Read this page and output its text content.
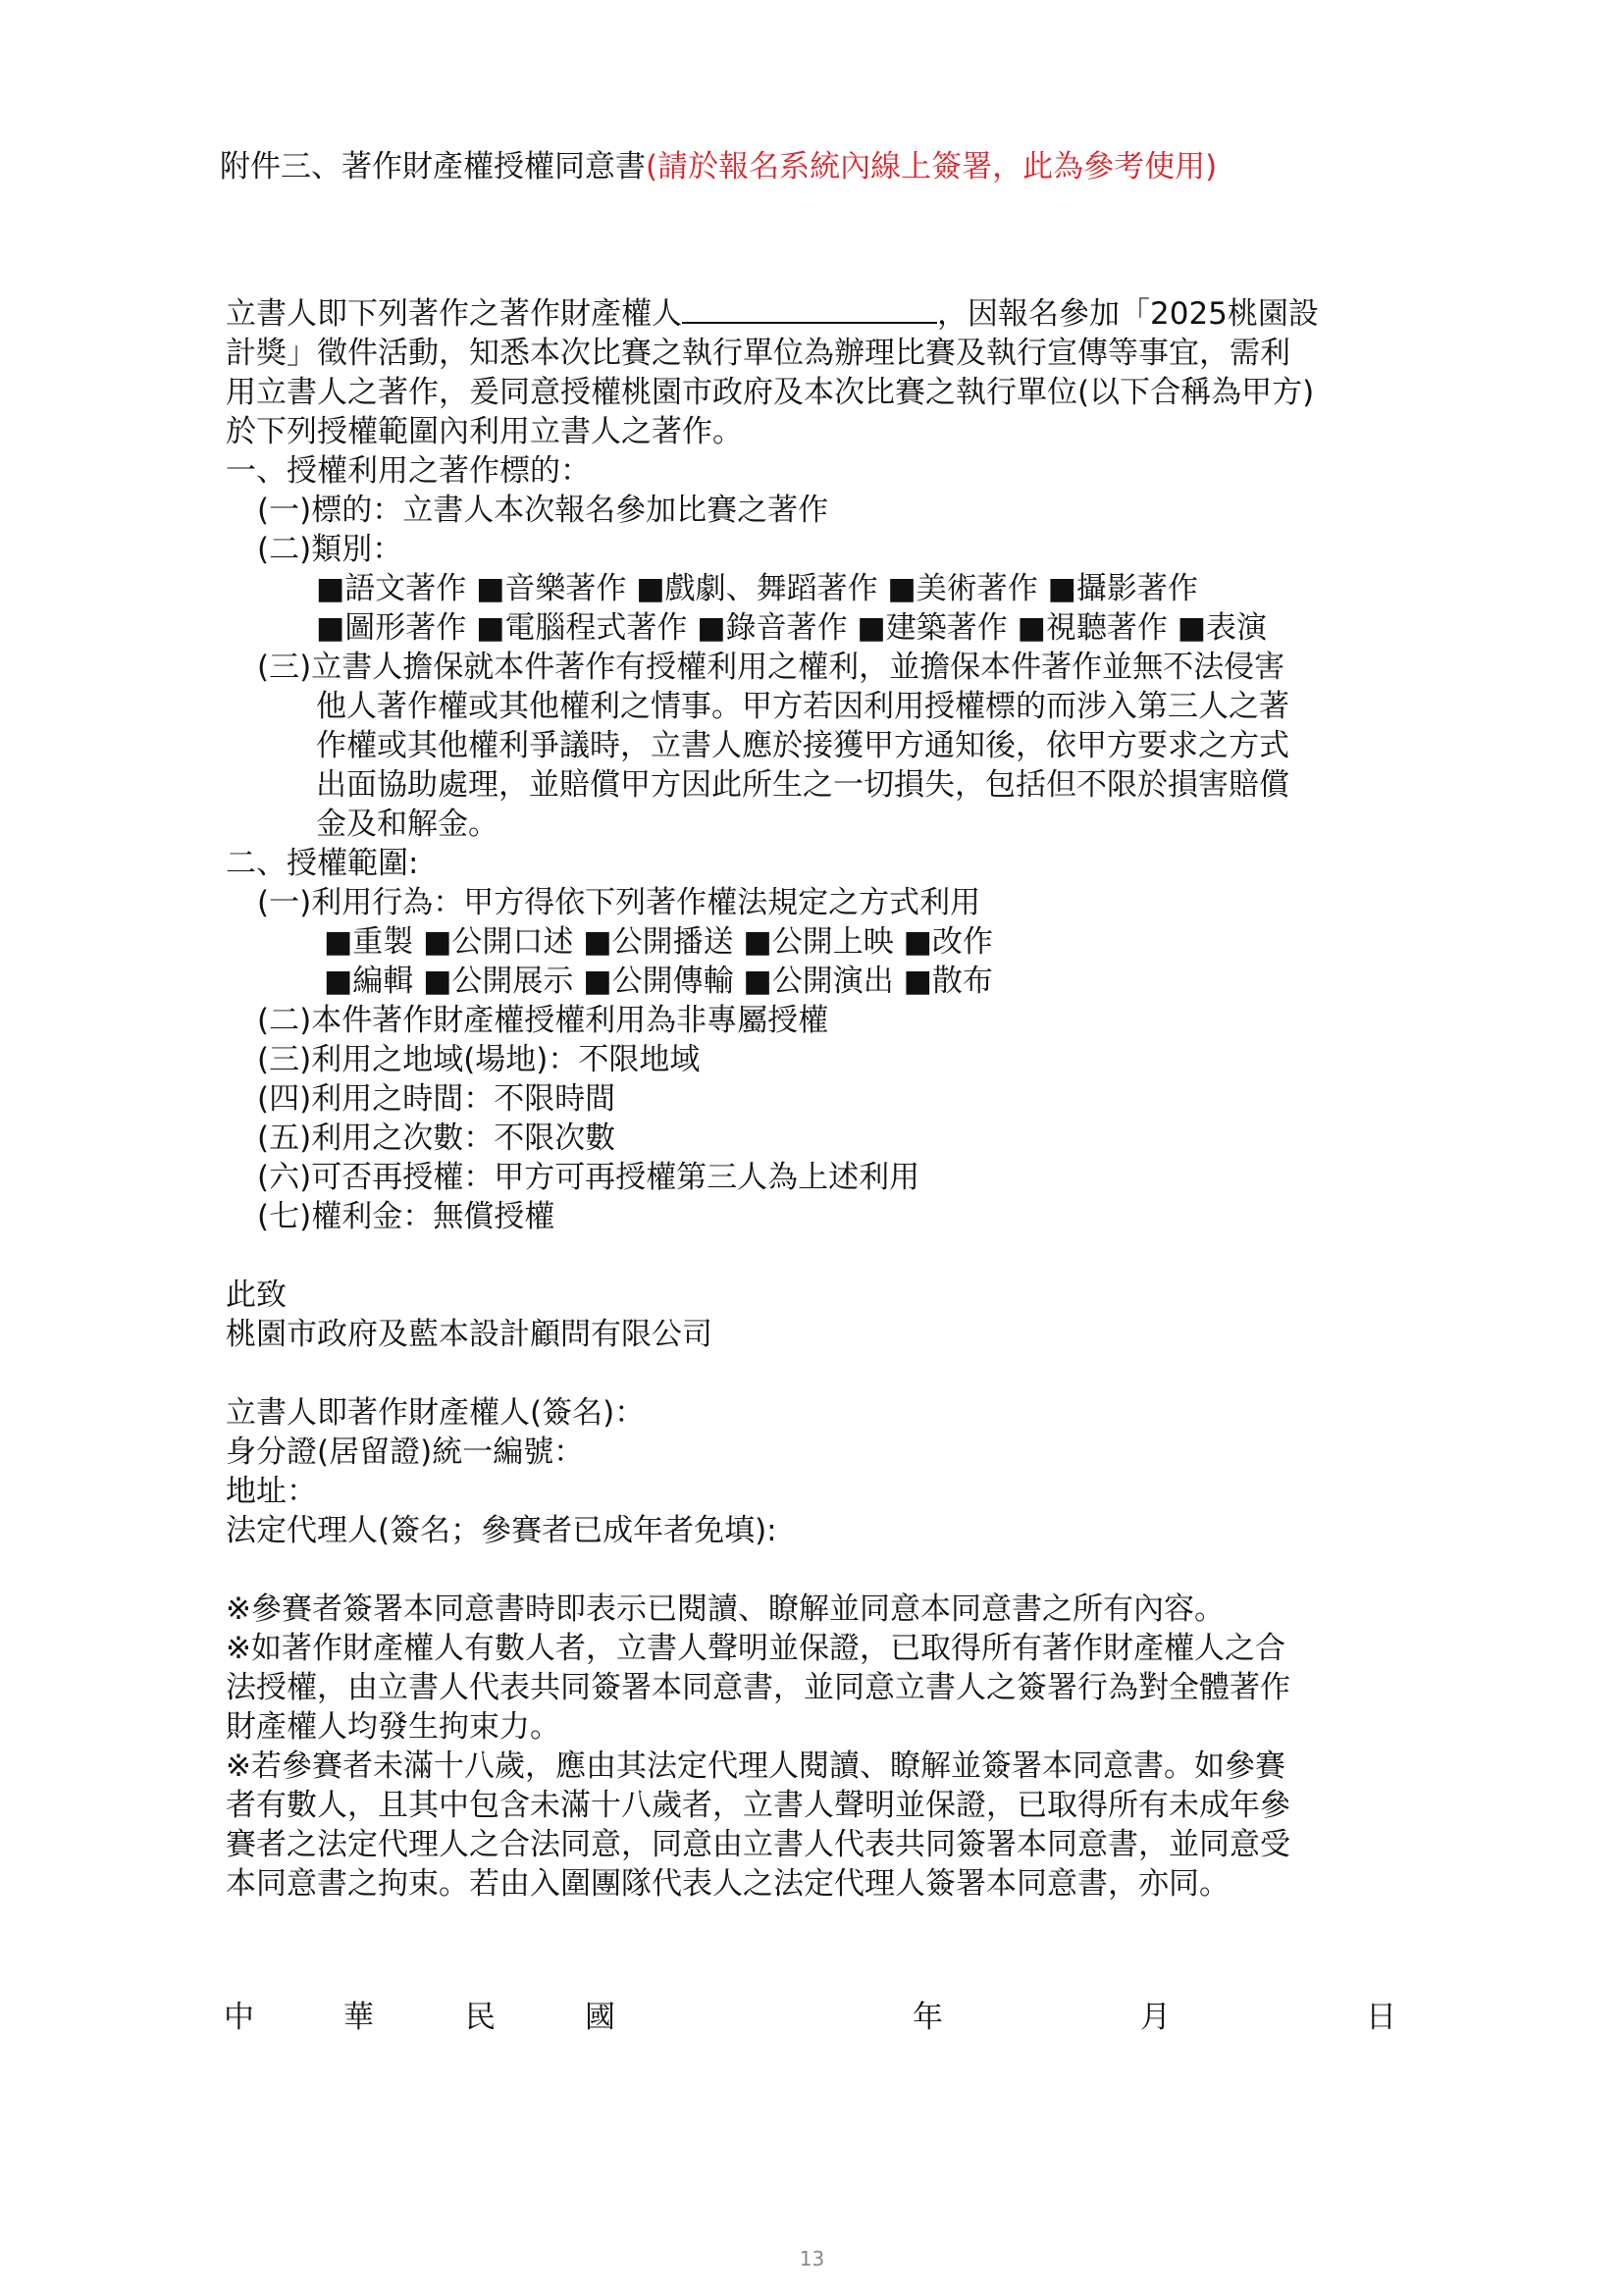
附件三、著作財產權授權同意書(請於報名系統內線上簽署，此為參考使用)

立書人即下列著作之著作財產權人	，因報名參加「2025桃園設

計獎」徵件活動，知悉本次比賽之執行單位為辦理比賽及執行宣傳等事宜，需利

用立書人之著作，爰同意授權桃園市政府及本次比賽之執行單位(以下合稱為甲方)

於下列授權範圍內利用立書人之著作。

一、授權利用之著作標的：

(一)標的：立書人本次報名參加比賽之著作

(二)類別：

■語文著作 ■音樂著作 ■戲劇、舞蹈著作 ■美術著作 ■攝影著作

■圖形著作 ■電腦程式著作 ■錄音著作 ■建築著作 ■視聽著作 ■表演

(三)立書人擔保就本件著作有授權利用之權利，並擔保本件著作並無不法侵害

他人著作權或其他權利之情事。甲方若因利用授權標的而涉入第三人之著

作權或其他權利爭議時，立書人應於接獲甲方通知後，依甲方要求之方式

出面協助處理，並賠償甲方因此所生之一切損失，包括但不限於損害賠償

金及和解金。

二、授權範圍:

(一)利用行為：甲方得依下列著作權法規定之方式利用

■重製 ■公開口述 ■公開播送 ■公開上映 ■改作

■編輯 ■公開展示 ■公開傳輸 ■公開演出 ■散布

(二)本件著作財產權授權利用為非專屬授權

(三)利用之地域(場地)：不限地域

(四)利用之時間：不限時間

(五)利用之次數：不限次數

(六)可否再授權：甲方可再授權第三人為上述利用

(七)權利金：無償授權

此致

桃園市政府及藍本設計顧問有限公司

立書人即著作財產權人(簽名)：

身分證(居留證)統一編號：

地址：

法定代理人(簽名；參賽者已成年者免填):

※參賽者簽署本同意書時即表示已閱讀、瞭解並同意本同意書之所有內容。

※如著作財產權人有數人者，立書人聲明並保證，已取得所有著作財產權人之合

法授權，由立書人代表共同簽署本同意書，並同意立書人之簽署行為對全體著作

財產權人均發生拘束力。

※若參賽者未滿十八歲，應由其法定代理人閱讀、瞭解並簽署本同意書。如參賽

者有數人，且其中包含未滿十八歲者，立書人聲明並保證，已取得所有未成年參

賽者之法定代理人之合法同意，同意由立書人代表共同簽署本同意書，並同意受

本同意書之拘束。若由入圍團隊代表人之法定代理人簽署本同意書，亦同。

中	華	民	國	年	月	日
13
